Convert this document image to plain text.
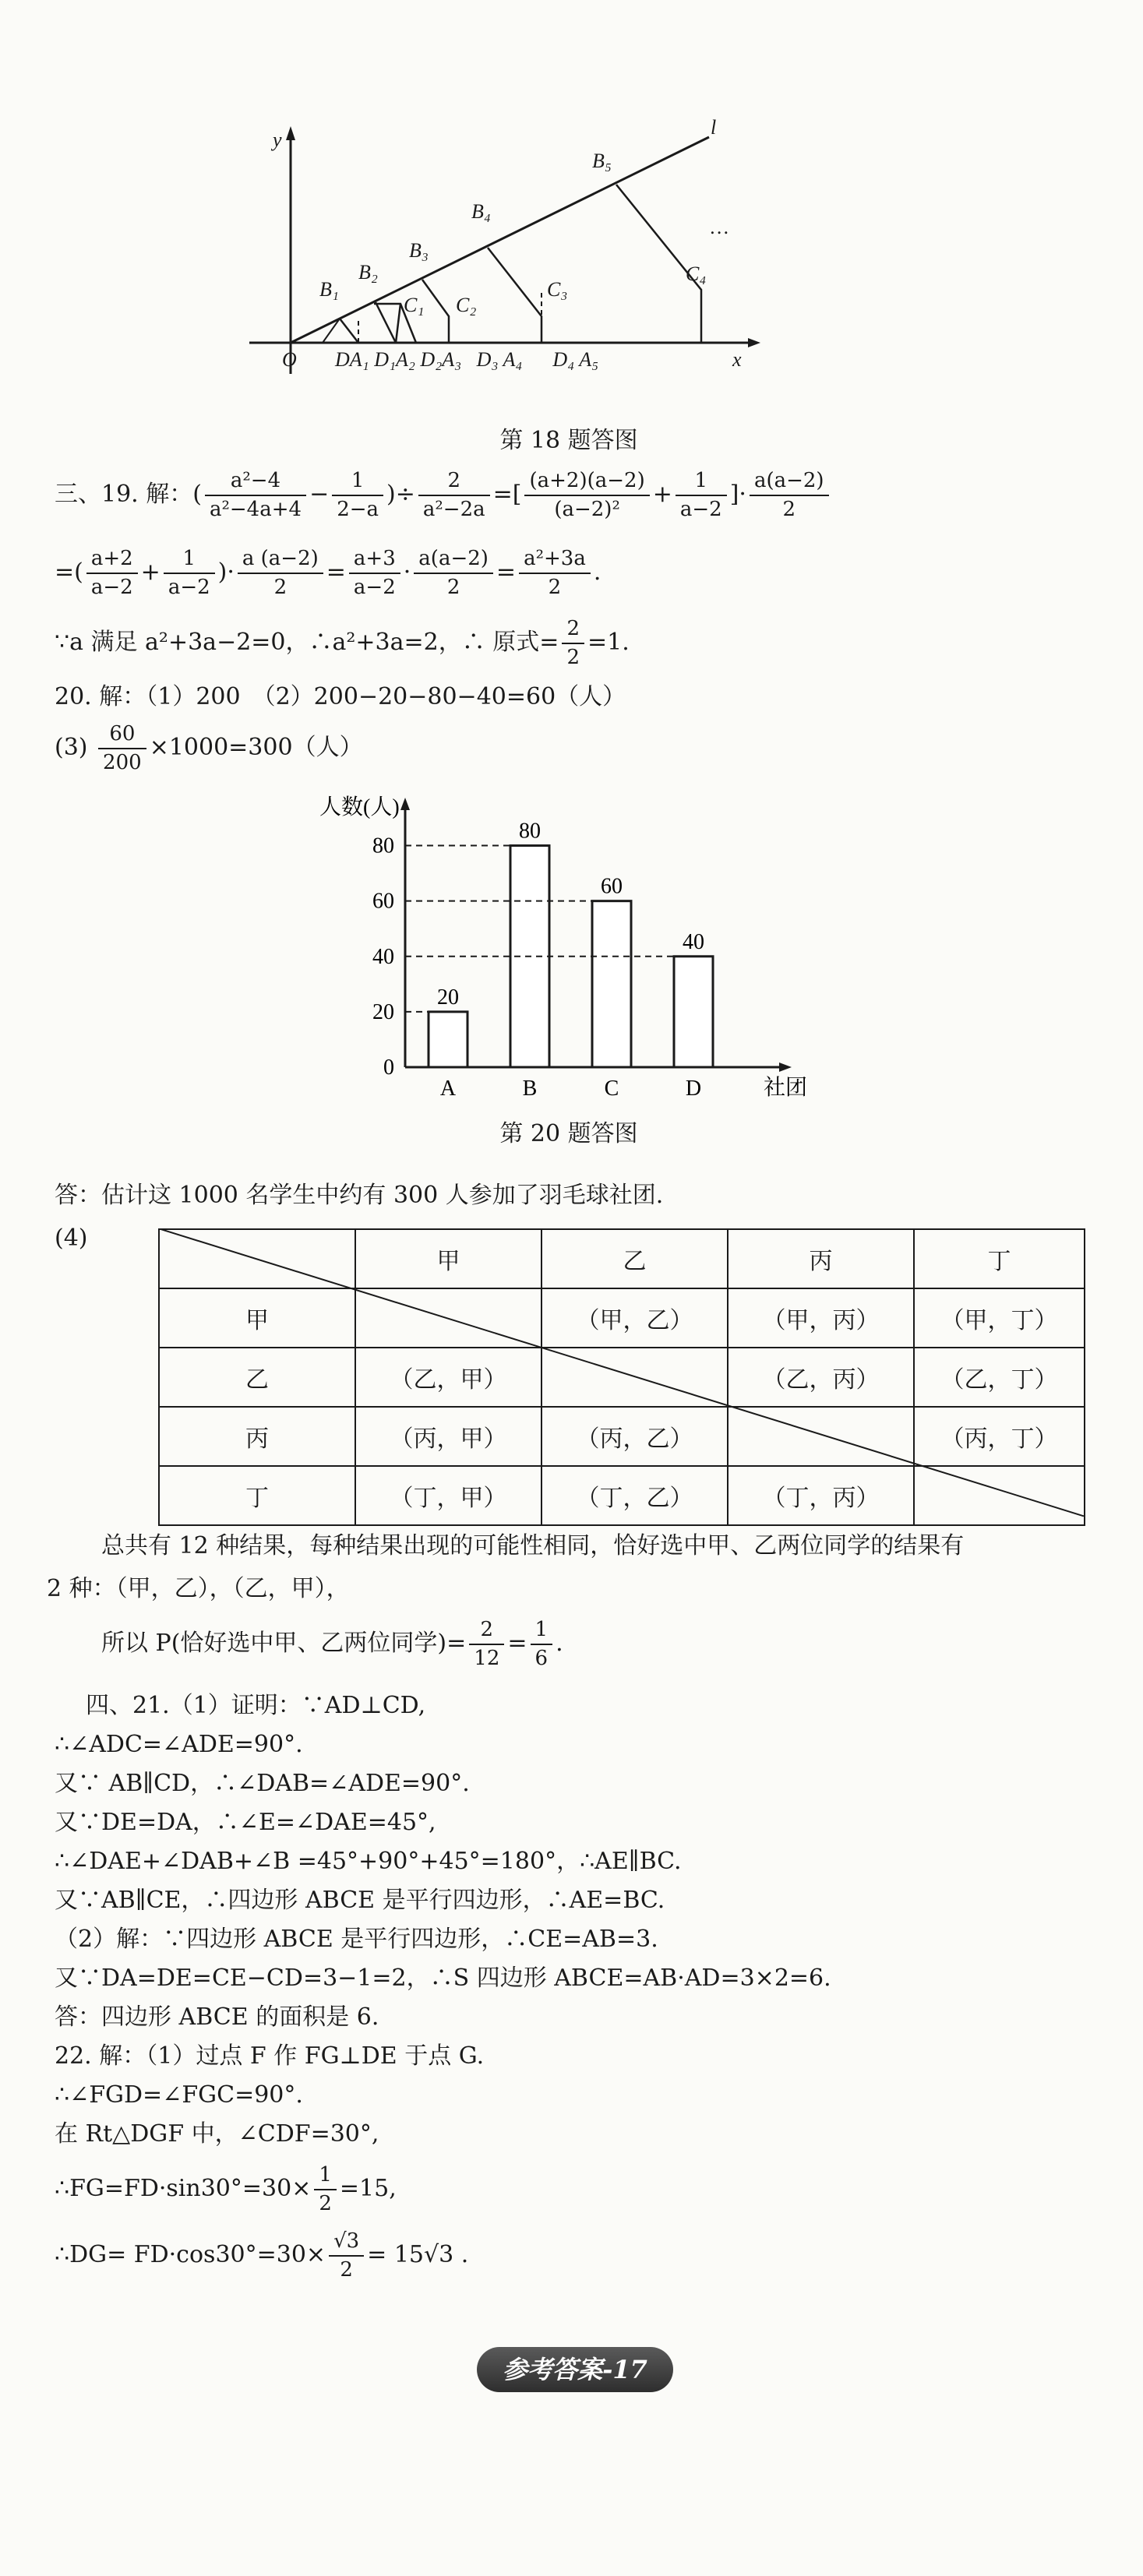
y
l
x
O
…
B₁
B₂
B₃
B₄
B₅
C₁ C₂
C₃
C₄
DA₁ D₁A₂ D₂A₃   D₃ A₄      D₄ A₅
第 18 题答图
三、19. 解：( $\frac{\text{a²−4}}{\text{a²−4a+4}} - \frac{1}{2-a}$ )÷ $\frac{2}{\text{a²−2a}}$ =[ $\frac{(a+2)(a-2)}{\text{(a−2)²}} + \frac{1}{a-2}$ ]· $\frac{a(a-2)}{2}$
=( $\frac{a+2}{a-2} + \frac{1}{a-2}$ )· $\frac{a (a-2)}{2} = \frac{a+3}{a-2} \cdot \frac{a(a-2)}{2} = \frac{\text{a²+3a}}{2}$ .
∵a 满足 a²+3a−2=0，∴a²+3a=2，∴ 原式= $\frac{2}{2} =1$.
20. 解：（1）200　（2）200−20−80−40=60（人）
$(3) \frac{60}{200} \times 1000=300$（人）
人数(人)
社团
0
20
40
60
80
20
A
80
B
60
C
40
D
第 20 题答图
答：估计这 1000 名学生中约有 300 人参加了羽毛球社团.
(4)
	甲	乙	丙	丁
甲		（甲，乙）	（甲，丙）	（甲，丁）
乙	（乙，甲）		（乙，丙）	（乙，丁）
丙	（丙，甲）	（丙，乙）		（丙，丁）
丁	（丁，甲）	（丁，乙）	（丁，丙）	
总共有 12 种结果，每种结果出现的可能性相同，恰好选中甲、乙两位同学的结果有
2 种：（甲，乙），（乙，甲），
所以 P(恰好选中甲、乙两位同学)= $\frac{2}{12} = \frac{1}{6}$ .
四、21.（1）证明：∵AD⊥CD,
∴∠ADC=∠ADE=90°.
又∵ AB∥CD，∴∠DAB=∠ADE=90°.
又∵DE=DA，∴∠E=∠DAE=45°,
∴∠DAE+∠DAB+∠B =45°+90°+45°=180°，∴AE∥BC.
又∵AB∥CE，∴四边形 ABCE 是平行四边形，∴AE=BC.
（2）解：∵四边形 ABCE 是平行四边形，∴CE=AB=3.
又∵DA=DE=CE−CD=3−1=2，∴S 四边形 ABCE=AB·AD=3×2=6.
答：四边形 ABCE 的面积是 6.
22. 解：（1）过点 F 作 FG⊥DE 于点 G.
∴∠FGD=∠FGC=90°.
在 Rt△DGF 中，∠CDF=30°,
∴FG=FD·sin30°=30× $\frac{1}{2} =15$,
∴DG= $FD\cdot\cos 30^\circ=30\times \frac{√3}{2} = 15√3$ .
参考答案-17
